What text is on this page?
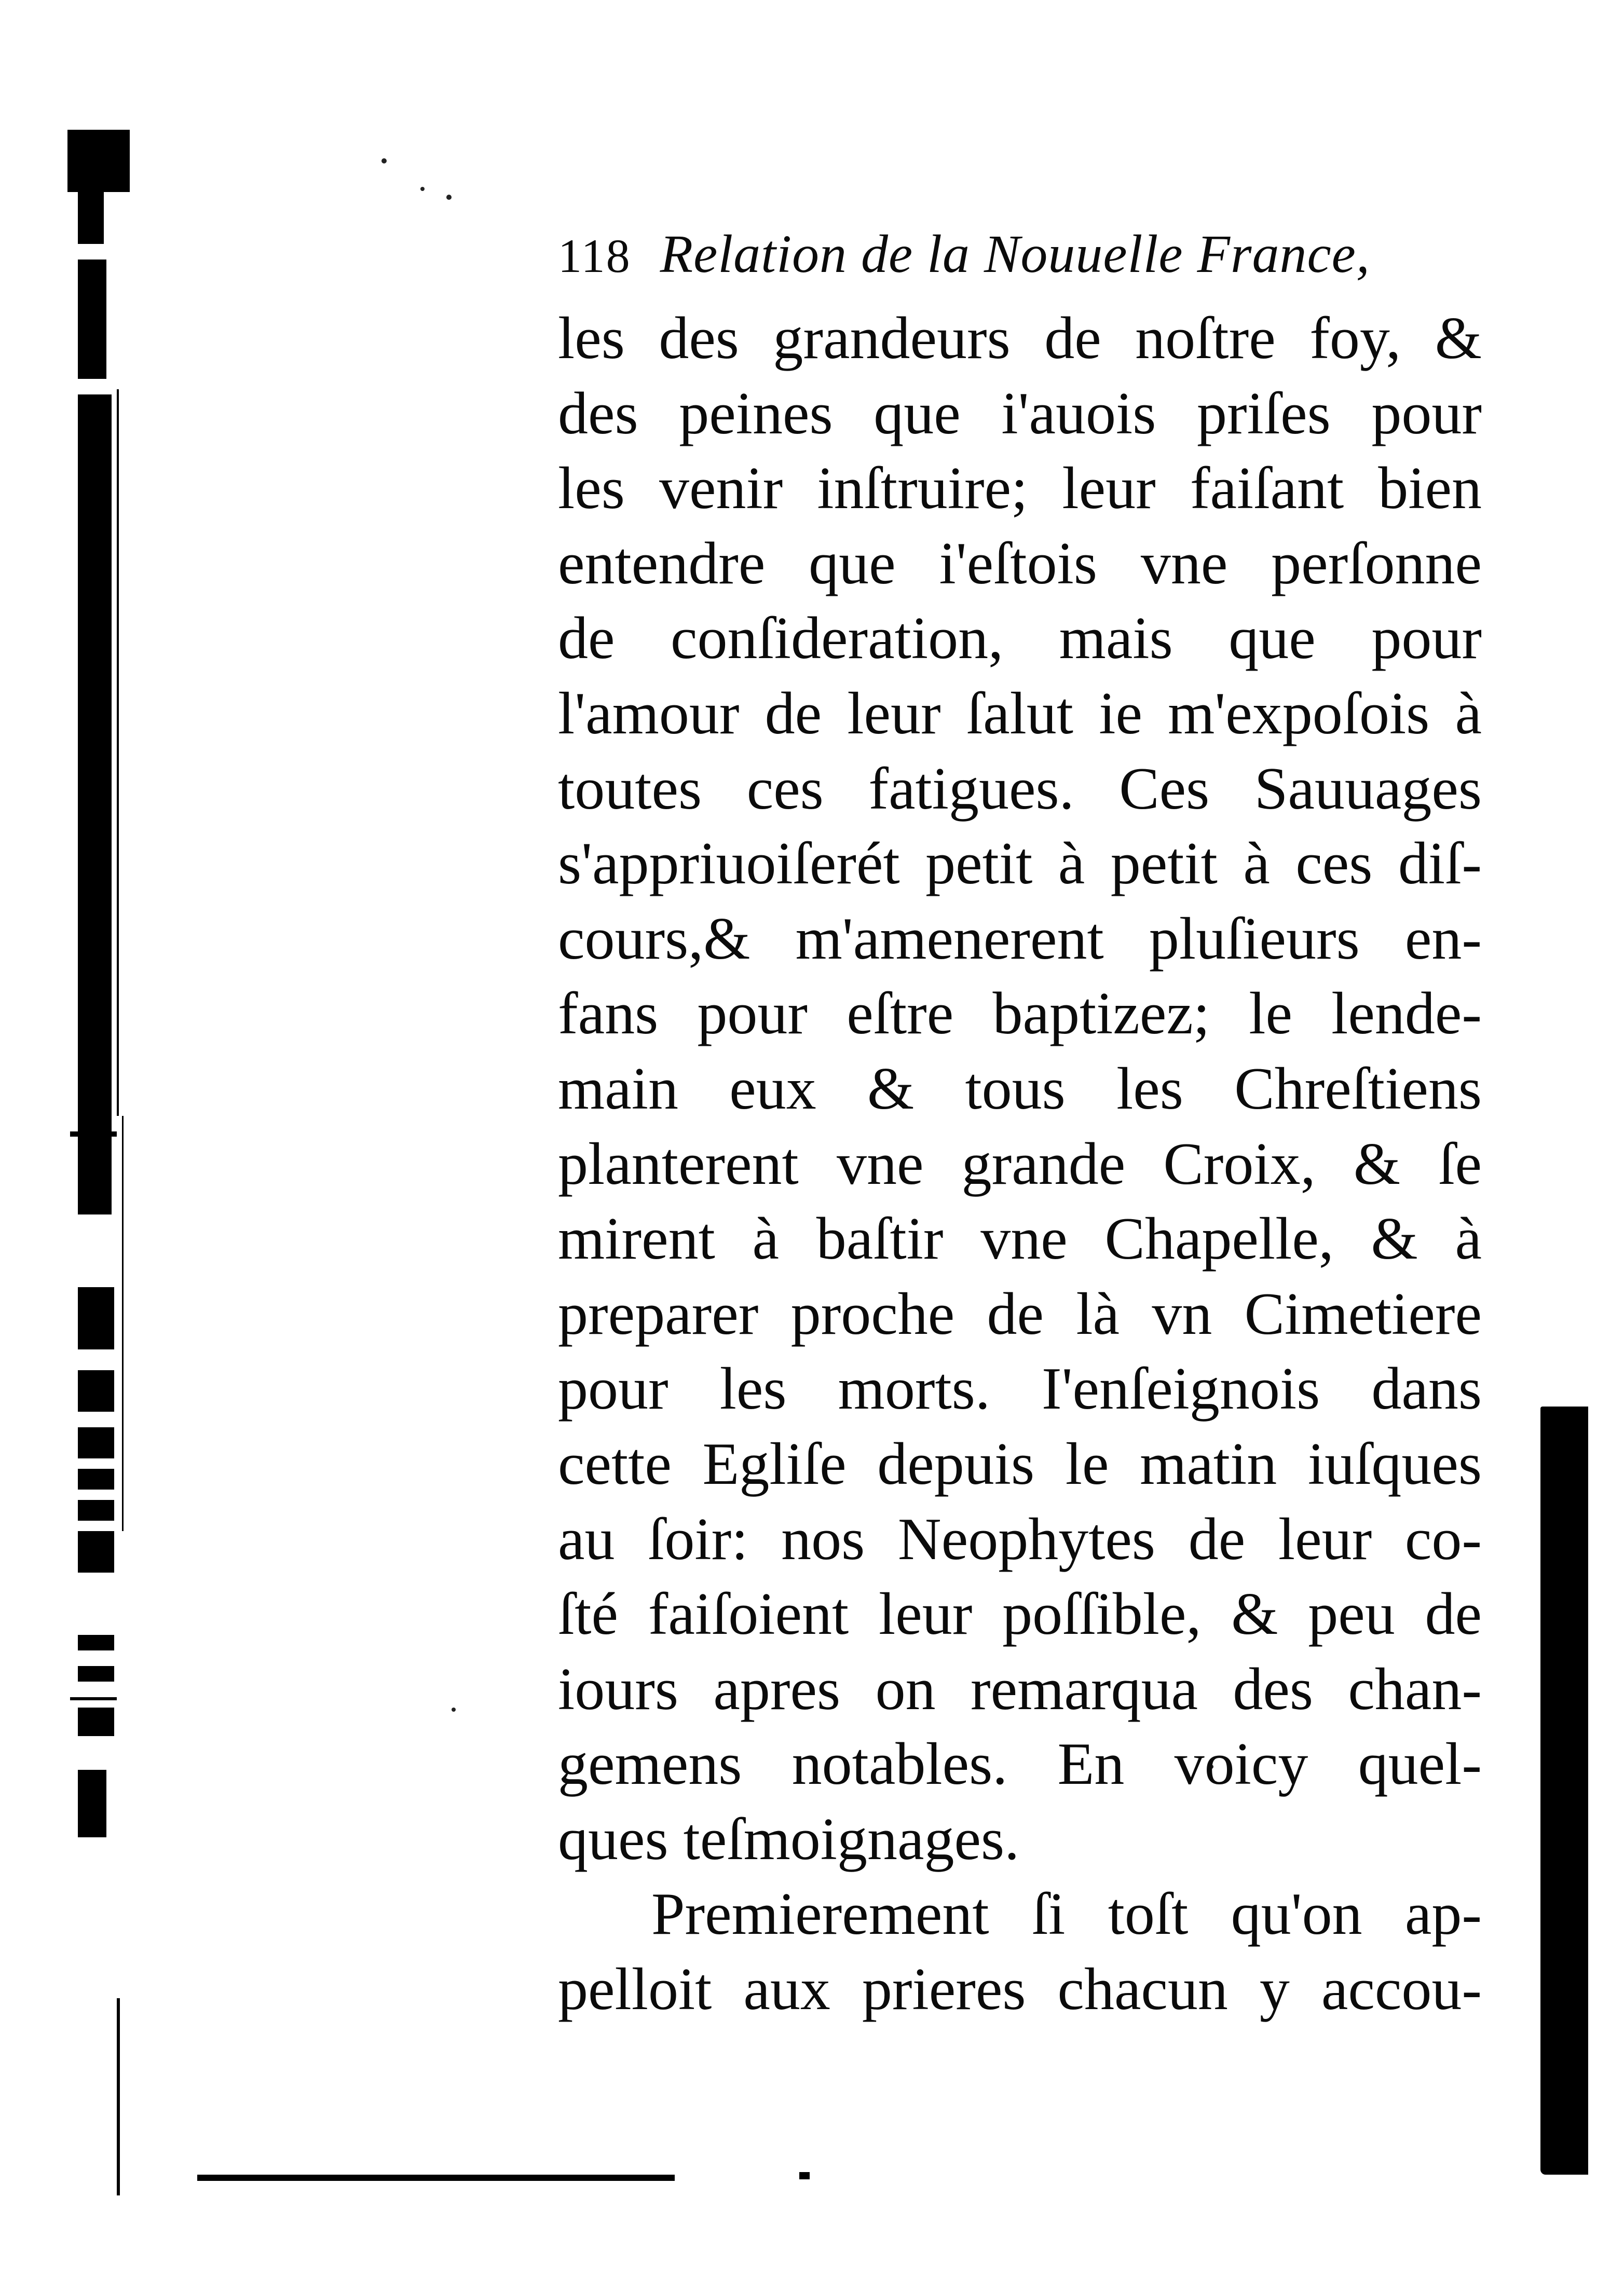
118 Relation de la Nouuelle France,
les des grandeurs de noſtre foy, &
des peines que i'auois priſes pour
les venir inſtruire; leur faiſant bien
entendre que i'eſtois vne perſonne
de conſideration, mais que pour
l'amour de leur ſalut ie m'expoſois à
toutes ces fatigues. Ces Sauuages
s'appriuoiſerét petit à petit à ces diſ-
cours,& m'amenerent pluſieurs en-
fans pour eſtre baptizez; le lende-
main eux & tous les Chreſtiens
planterent vne grande Croix, & ſe
mirent à baſtir vne Chapelle, & à
preparer proche de là vn Cimetiere
pour les morts. I'enſeignois dans
cette Egliſe depuis le matin iuſques
au ſoir: nos Neophytes de leur co-
ſté faiſoient leur poſſible, & peu de
iours apres on remarqua des chan-
gemens notables. En voicy quel-
ques teſmoignages.
Premierement ſi toſt qu'on ap-
pelloit aux prieres chacun y accou-
